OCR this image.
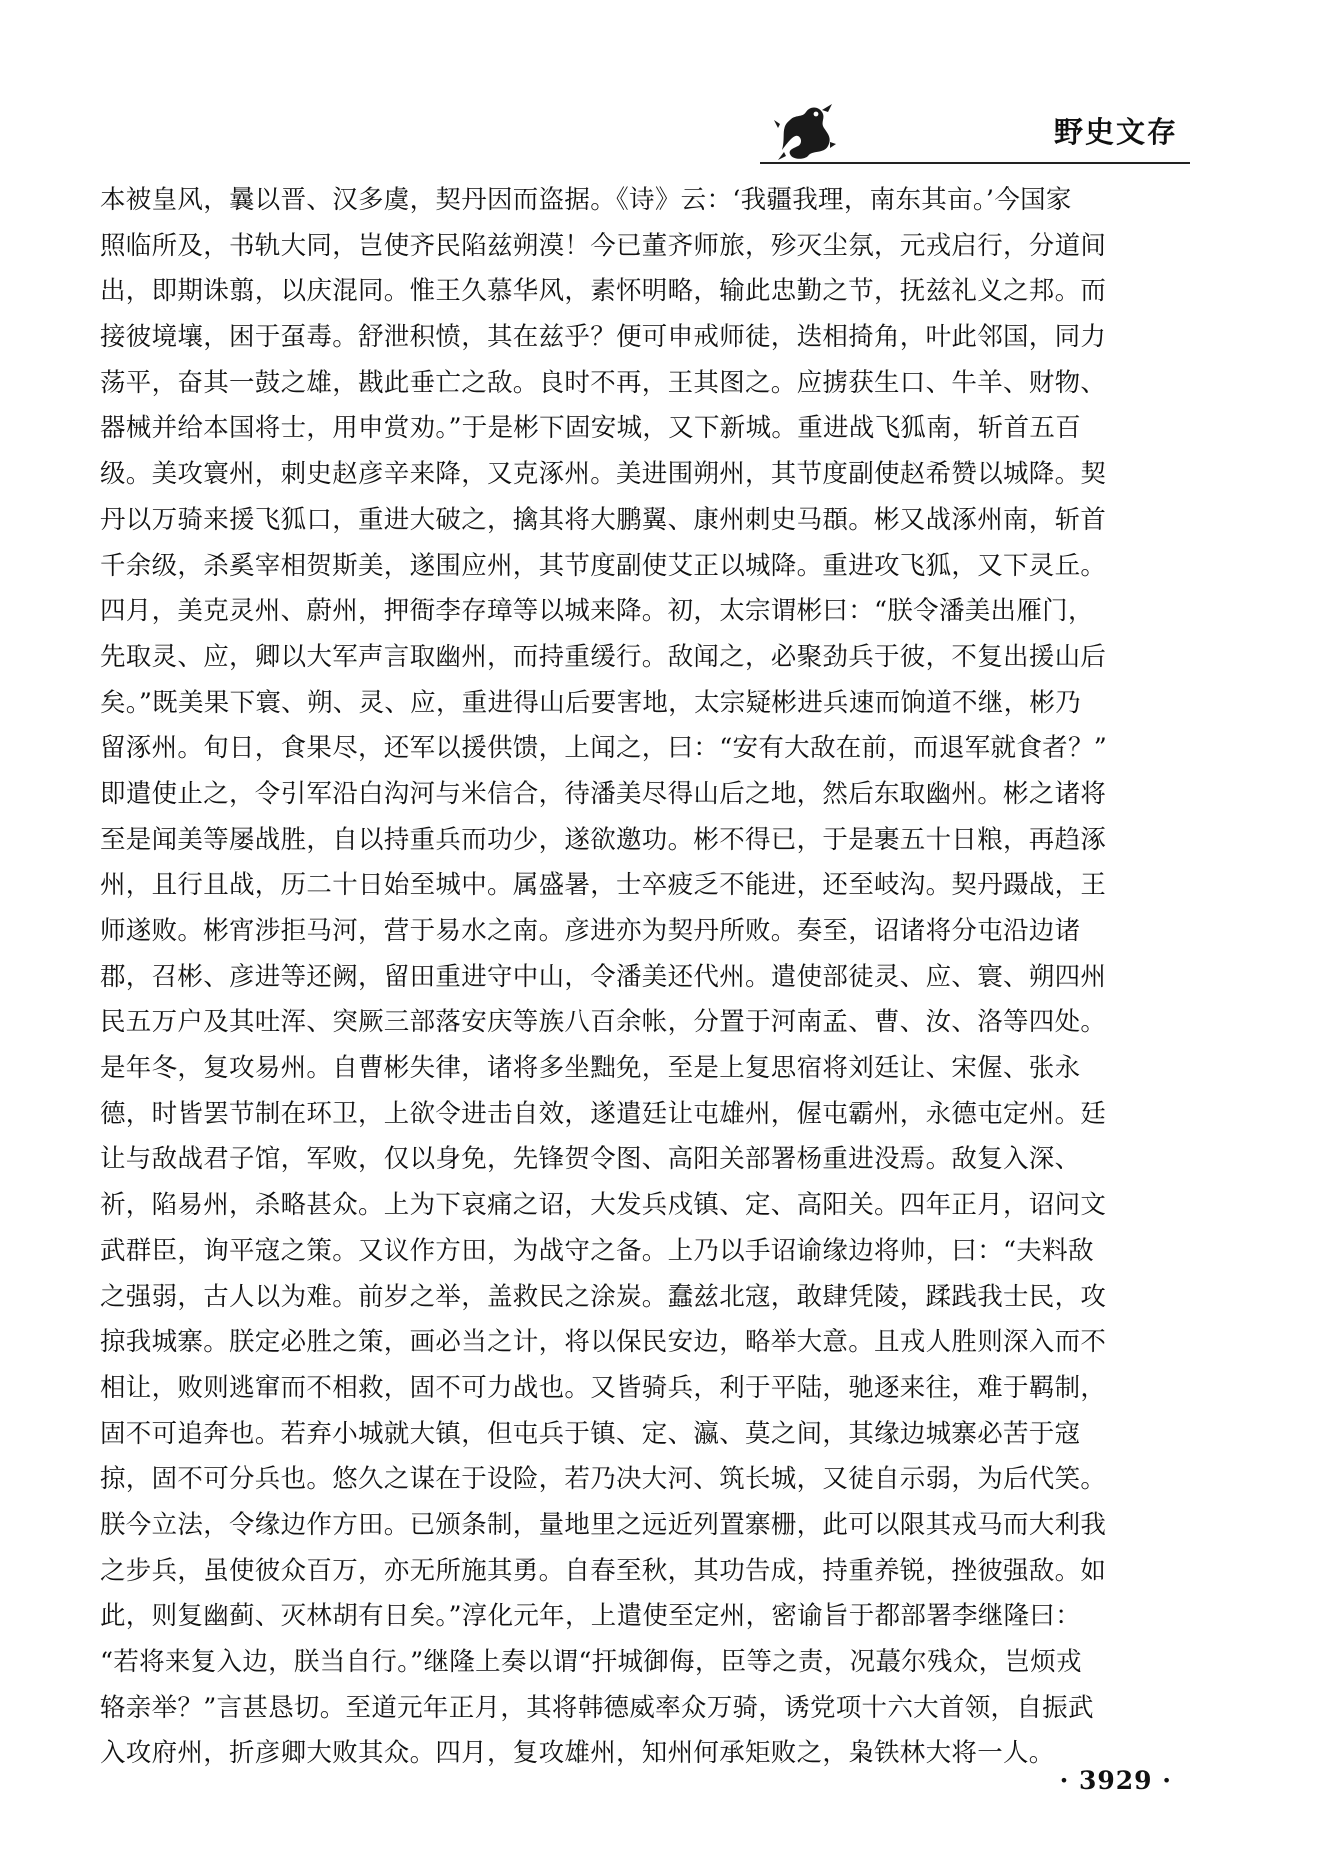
野史文存
本被皇风，曩以晋、汉多虞，契丹因而盗据。《诗》云：‘我疆我理，南东其亩。’今国家
照临所及，书轨大同，岂使齐民陷兹朔漠！今已董齐师旅，殄灭尘氛，元戎启行，分道间
出，即期诛翦，以庆混同。惟王久慕华风，素怀明略，输此忠勤之节，抚兹礼义之邦。而
接彼境壤，困于虿毒。舒泄积愤，其在兹乎？便可申戒师徒，迭相掎角，叶此邻国，同力
荡平，奋其一鼓之雄，戡此垂亡之敌。良时不再，王其图之。应掳获生口、牛羊、财物、
器械并给本国将士，用申赏劝。”于是彬下固安城，又下新城。重进战飞狐南，斩首五百
级。美攻寰州，刺史赵彦辛来降，又克涿州。美进围朔州，其节度副使赵希赞以城降。契
丹以万骑来援飞狐口，重进大破之，擒其将大鹏翼、康州刺史马頵。彬又战涿州南，斩首
千余级，杀奚宰相贺斯美，遂围应州，其节度副使艾正以城降。重进攻飞狐，又下灵丘。
四月，美克灵州、蔚州，押衙李存璋等以城来降。初，太宗谓彬曰：“朕令潘美出雁门，
先取灵、应，卿以大军声言取幽州，而持重缓行。敌闻之，必聚劲兵于彼，不复出援山后
矣。”既美果下寰、朔、灵、应，重进得山后要害地，太宗疑彬进兵速而饷道不继，彬乃
留涿州。旬日，食果尽，还军以援供馈，上闻之，曰：“安有大敌在前，而退军就食者？”
即遣使止之，令引军沿白沟河与米信合，待潘美尽得山后之地，然后东取幽州。彬之诸将
至是闻美等屡战胜，自以持重兵而功少，遂欲邀功。彬不得已，于是裹五十日粮，再趋涿
州，且行且战，历二十日始至城中。属盛暑，士卒疲乏不能进，还至岐沟。契丹蹑战，王
师遂败。彬宵涉拒马河，营于易水之南。彦进亦为契丹所败。奏至，诏诸将分屯沿边诸
郡，召彬、彦进等还阙，留田重进守中山，令潘美还代州。遣使部徒灵、应、寰、朔四州
民五万户及其吐浑、突厥三部落安庆等族八百余帐，分置于河南孟、曹、汝、洛等四处。
是年冬，复攻易州。自曹彬失律，诸将多坐黜免，至是上复思宿将刘廷让、宋偓、张永
德，时皆罢节制在环卫，上欲令进击自效，遂遣廷让屯雄州，偓屯霸州，永德屯定州。廷
让与敌战君子馆，军败，仅以身免，先锋贺令图、高阳关部署杨重进没焉。敌复入深、
祈，陷易州，杀略甚众。上为下哀痛之诏，大发兵戍镇、定、高阳关。四年正月，诏问文
武群臣，询平寇之策。又议作方田，为战守之备。上乃以手诏谕缘边将帅，曰：“夫料敌
之强弱，古人以为难。前岁之举，盖救民之涂炭。蠢兹北寇，敢肆凭陵，蹂践我士民，攻
掠我城寨。朕定必胜之策，画必当之计，将以保民安边，略举大意。且戎人胜则深入而不
相让，败则逃窜而不相救，固不可力战也。又皆骑兵，利于平陆，驰逐来往，难于羁制，
固不可追奔也。若弃小城就大镇，但屯兵于镇、定、瀛、莫之间，其缘边城寨必苦于寇
掠，固不可分兵也。悠久之谋在于设险，若乃决大河、筑长城，又徒自示弱，为后代笑。
朕今立法，令缘边作方田。已颁条制，量地里之远近列置寨栅，此可以限其戎马而大利我
之步兵，虽使彼众百万，亦无所施其勇。自春至秋，其功告成，持重养锐，挫彼强敌。如
此，则复幽蓟、灭林胡有日矣。”淳化元年，上遣使至定州，密谕旨于都部署李继隆曰：
“若将来复入边，朕当自行。”继隆上奏以谓“扞城御侮，臣等之责，况蕞尔残众，岂烦戎
辂亲举？”言甚恳切。至道元年正月，其将韩德威率众万骑，诱党项十六大首领，自振武
入攻府州，折彦卿大败其众。四月，复攻雄州，知州何承矩败之，枭铁林大将一人。
· 3929 ·
